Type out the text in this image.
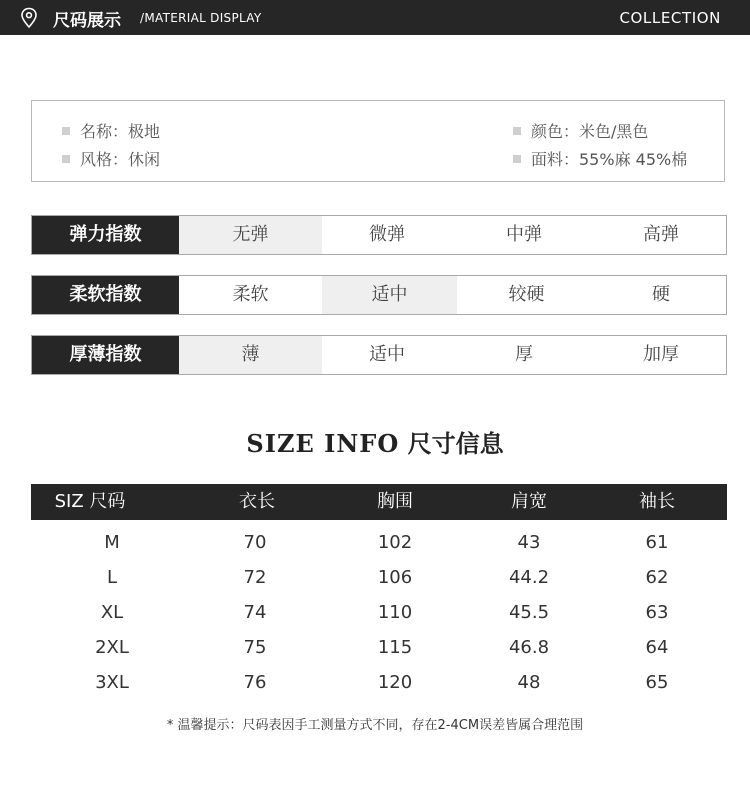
尺码展示 /MATERIAL DISPLAY	COLLECTION
名称：极地
风格：休闲
颜色：米色/黑色
面料：55%麻 45%棉
弹力指数	无弹	微弹	中弹	高弹
柔软指数	柔软	适中	较硬	硬
厚薄指数	薄	适中	厚	加厚
SIZE INFO 尺寸信息
SIZ 尺码	衣长	胸围	肩宽	袖长
M	70	102	43	61
L	72	106	44.2	62
XL	74	110	45.5	63
2XL	75	115	46.8	64
3XL	76	120	48	65
* 温馨提示：尺码表因手工测量方式不同，存在2-4CM误差皆属合理范围
